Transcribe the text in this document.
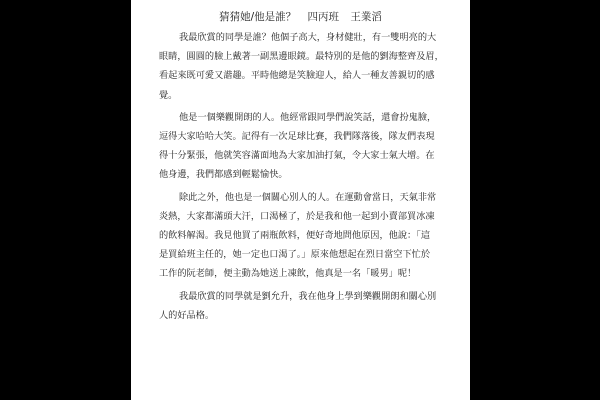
猜猜她/他是誰？ 四丙班 王業滔
我最欣賞的同學是誰？他個子高大，身材健壯，有一雙明亮的大
眼睛，圓圓的臉上戴著一副黑邊眼鏡。最特別的是他的劉海整齊及眉，
看起來既可愛又諧趣。平時他總是笑臉迎人，給人一種友善親切的感
覺。
他是一個樂觀開朗的人。他經常跟同學們說笑話，還會扮鬼臉，
逗得大家哈哈大笑。記得有一次足球比賽，我們隊落後，隊友們表現
得十分緊張，他就笑容滿面地為大家加油打氣，令大家士氣大增。在
他身邊，我們都感到輕鬆愉快。
除此之外，他也是一個關心別人的人。在運動會當日，天氣非常
炎熱，大家都滿頭大汗，口渴極了，於是我和他一起到小賣部買冰凍
的飲料解渴。我見他買了兩瓶飲料，便好奇地問他原因，他說：「這
是買給班主任的，她一定也口渴了。」原來他想起在烈日當空下忙於
工作的阮老師，便主動為她送上凍飲，他真是一名「暖男」呢！
我最欣賞的同學就是劉允升，我在他身上學到樂觀開朗和關心別
人的好品格。
